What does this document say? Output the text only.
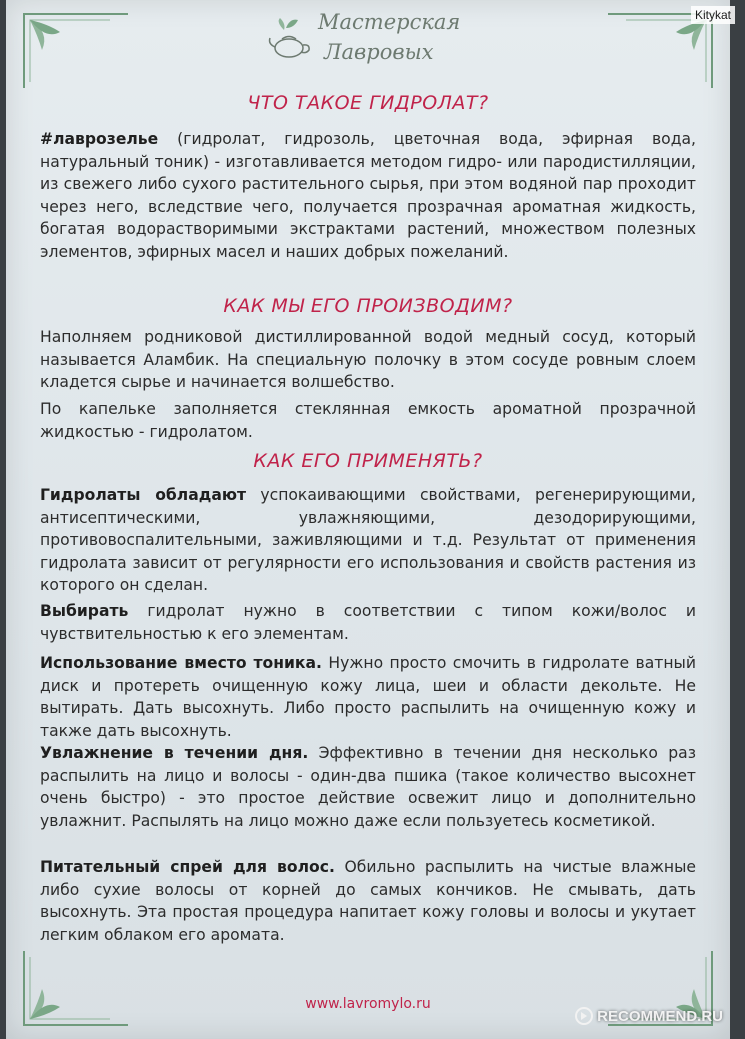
Мастерская
Лавровых
ЧТО ТАКОЕ ГИДРОЛАТ?
#лаврозелье (гидролат, гидрозоль, цветочная вода, эфирная вода, натуральный тоник) - изготавливается методом гидро- или пародистилляции, из свежего либо сухого растительного сырья, при этом водяной пар проходит через него, вследствие чего, получается прозрачная ароматная жидкость, богатая водорастворимыми экстрактами растений, множеством полезных элементов, эфирных масел и наших добрых пожеланий.
КАК МЫ ЕГО ПРОИЗВОДИМ?
Наполняем родниковой дистиллированной водой медный сосуд, который называется Аламбик. На специальную полочку в этом сосуде ровным слоем кладется сырье и начинается волшебство.
По капельке заполняется стеклянная емкость ароматной прозрачной жидкостью - гидролатом.
КАК ЕГО ПРИМЕНЯТЬ?
Гидролаты обладают успокаивающими свойствами, регенерирующими, антисептическими, увлажняющими, дезодорирующими, противовоспалительными, заживляющими и т.д. Результат от применения гидролата зависит от регулярности его использования и свойств растения из которого он сделан.
Выбирать гидролат нужно в соответствии с типом кожи/волос и чувствительностью к его элементам.
Использование вместо тоника. Нужно просто смочить в гидролате ватный диск и протереть очищенную кожу лица, шеи и области декольте. Не вытирать. Дать высохнуть. Либо просто распылить на очищенную кожу и также дать высохнуть.
Увлажнение в течении дня. Эффективно в течении дня несколько раз распылить на лицо и волосы - один-два пшика (такое количество высохнет очень быстро) - это простое действие освежит лицо и дополнительно увлажнит. Распылять на лицо можно даже если пользуетесь косметикой.
Питательный спрей для волос. Обильно распылить на чистые влажные либо сухие волосы от корней до самых кончиков. Не смывать, дать высохнуть. Эта простая процедура напитает кожу головы и волосы и укутает легким облаком его аромата.
www.lavromylo.ru
Kitykat
RECOMMEND.RU
